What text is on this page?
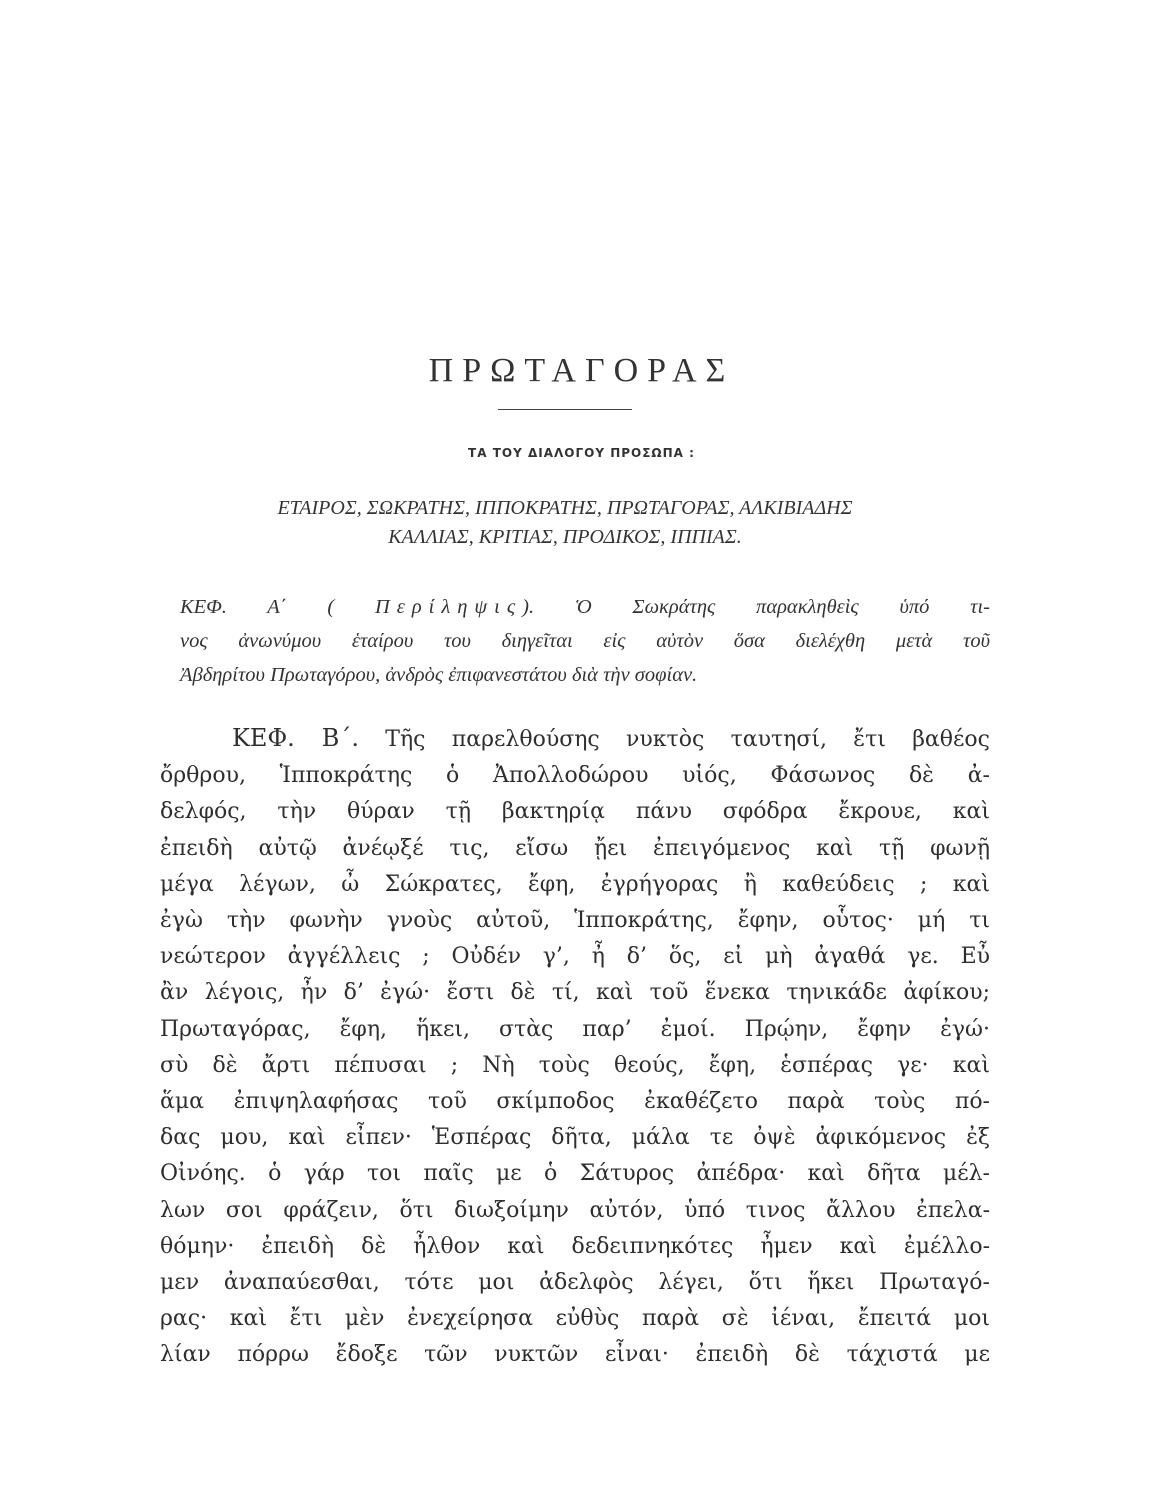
ΠΡΩΤΑΓΟΡΑΣ
ΤΑ ΤΟΥ ΔΙΑΛΟΓΟΥ ΠΡΟΣΩΠΑ :
ΕΤΑΙΡΟΣ, ΣΩΚΡΑΤΗΣ, ΙΠΠΟΚΡΑΤΗΣ, ΠΡΩΤΑΓΟΡΑΣ, ΑΛΚΙΒΙΑΔΗΣ
ΚΑΛΛΙΑΣ, ΚΡΙΤΙΑΣ, ΠΡΟΔΙΚΟΣ, ΙΠΠΙΑΣ.
ΚΕΦ. Α΄ ( Περίληψις). Ὁ Σωκράτης παρακληθεὶς ὑπό τι-
νος ἀνωνύμου ἑταίρου του διηγεῖται εἰς αὐτὸν ὅσα διελέχθη μετὰ τοῦ
Ἀβδηρίτου Πρωταγόρου, ἀνδρὸς ἐπιφανεστάτου διὰ τὴν σοφίαν.
ΚΕΦ. Β΄. Τῆς παρελθούσης νυκτὸς ταυτησί, ἔτι βαθέος
ὄρθρου, Ἱπποκράτης ὁ Ἀπολλοδώρου υἱός, Φάσωνος δὲ ἀ-
δελφός, τὴν θύραν τῇ βακτηρίᾳ πάνυ σφόδρα ἔκρουε, καὶ
ἐπειδὴ αὐτῷ ἀνέῳξέ τις, εἴσω ᾔει ἐπειγόμενος καὶ τῇ φωνῇ
μέγα λέγων, ὦ Σώκρατες, ἔφη, ἐγρήγορας ἢ καθεύδεις ; καὶ
ἐγὼ τὴν φωνὴν γνοὺς αὐτοῦ, Ἱπποκράτης, ἔφην, οὗτος· μή τι
νεώτερον ἀγγέλλεις ; Οὐδέν γ’, ἦ δ’ ὅς, εἰ μὴ ἀγαθά γε. Εὖ
ἂν λέγοις, ἦν δ’ ἐγώ· ἔστι δὲ τί, καὶ τοῦ ἕνεκα τηνικάδε ἀφίκου;
Πρωταγόρας, ἔφη, ἥκει, στὰς παρ’ ἐμοί. Πρῴην, ἔφην ἐγώ·
σὺ δὲ ἄρτι πέπυσαι ; Νὴ τοὺς θεούς, ἔφη, ἑσπέρας γε· καὶ
ἅμα ἐπιψηλαφήσας τοῦ σκίμποδος ἐκαθέζετο παρὰ τοὺς πό-
δας μου, καὶ εἶπεν· Ἑσπέρας δῆτα, μάλα τε ὀψὲ ἀφικόμενος ἐξ
Οἰνόης. ὁ γάρ τοι παῖς με ὁ Σάτυρος ἀπέδρα· καὶ δῆτα μέλ-
λων σοι φράζειν, ὅτι διωξοίμην αὐτόν, ὑπό τινος ἄλλου ἐπελα-
θόμην· ἐπειδὴ δὲ ἦλθον καὶ δεδειπνηκότες ἦμεν καὶ ἐμέλλο-
μεν ἀναπαύεσθαι, τότε μοι ἀδελφὸς λέγει, ὅτι ἥκει Πρωταγό-
ρας· καὶ ἔτι μὲν ἐνεχείρησα εὐθὺς παρὰ σὲ ἰέναι, ἔπειτά μοι
λίαν πόρρω ἔδοξε τῶν νυκτῶν εἶναι· ἐπειδὴ δὲ τάχιστά με
